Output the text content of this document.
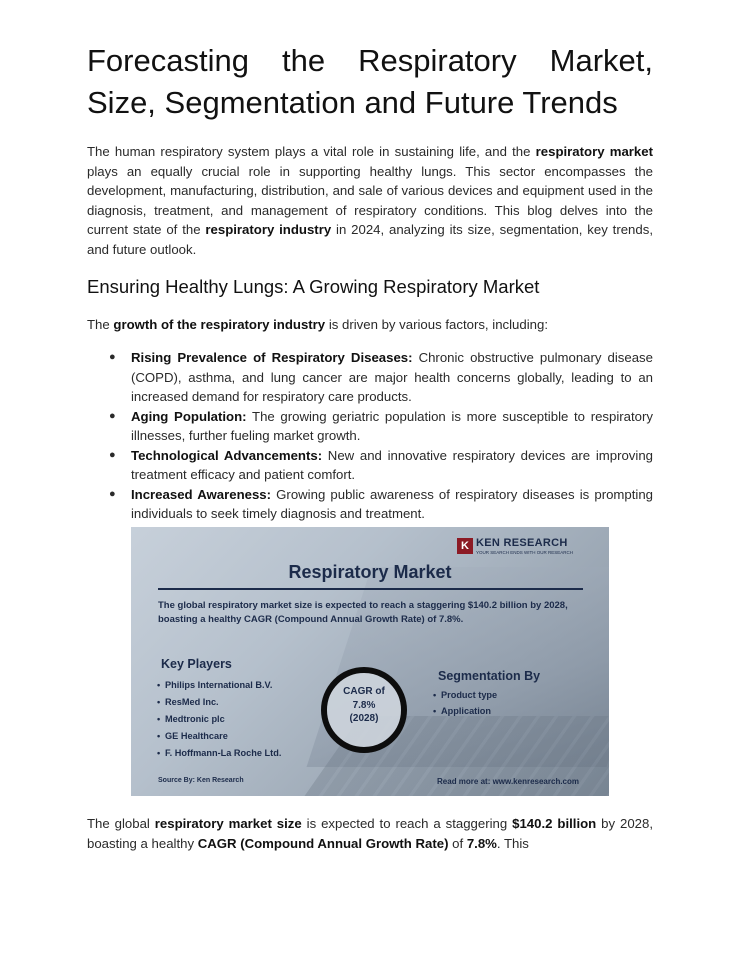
Forecasting the Respiratory Market,
Size, Segmentation and Future Trends

The human respiratory system plays a vital role in sustaining life, and the respiratory market plays an equally crucial role in supporting healthy lungs. This sector encompasses the development, manufacturing, distribution, and sale of various devices and equipment used in the diagnosis, treatment, and management of respiratory conditions. This blog delves into the current state of the respiratory industry in 2024, analyzing its size, segmentation, key trends, and future outlook.

Ensuring Healthy Lungs: A Growing Respiratory Market

The growth of the respiratory industry is driven by various factors, including:

● Rising Prevalence of Respiratory Diseases: Chronic obstructive pulmonary disease (COPD), asthma, and lung cancer are major health concerns globally, leading to an increased demand for respiratory care products.
● Aging Population: The growing geriatric population is more susceptible to respiratory illnesses, further fueling market growth.
● Technological Advancements: New and innovative respiratory devices are improving treatment efficacy and patient comfort.
● Increased Awareness: Growing public awareness of respiratory diseases is prompting individuals to seek timely diagnosis and treatment.
K KEN RESEARCH
YOUR SEARCH ENDS WITH OUR RESEARCH
Respiratory Market
The global respiratory market size is expected to reach a staggering $140.2 billion by 2028, boasting a healthy CAGR (Compound Annual Growth Rate) of 7.8%.
Key Players
• Philips International B.V.
• ResMed Inc.
• Medtronic plc
• GE Healthcare
• F. Hoffmann-La Roche Ltd.
CAGR of
7.8%
(2028)
Segmentation By
• Product type
• Application
Source By: Ken Research	Read more at: www.kenresearch.com

The global respiratory market size is expected to reach a staggering $140.2 billion by 2028, boasting a healthy CAGR (Compound Annual Growth Rate) of 7.8%. This
